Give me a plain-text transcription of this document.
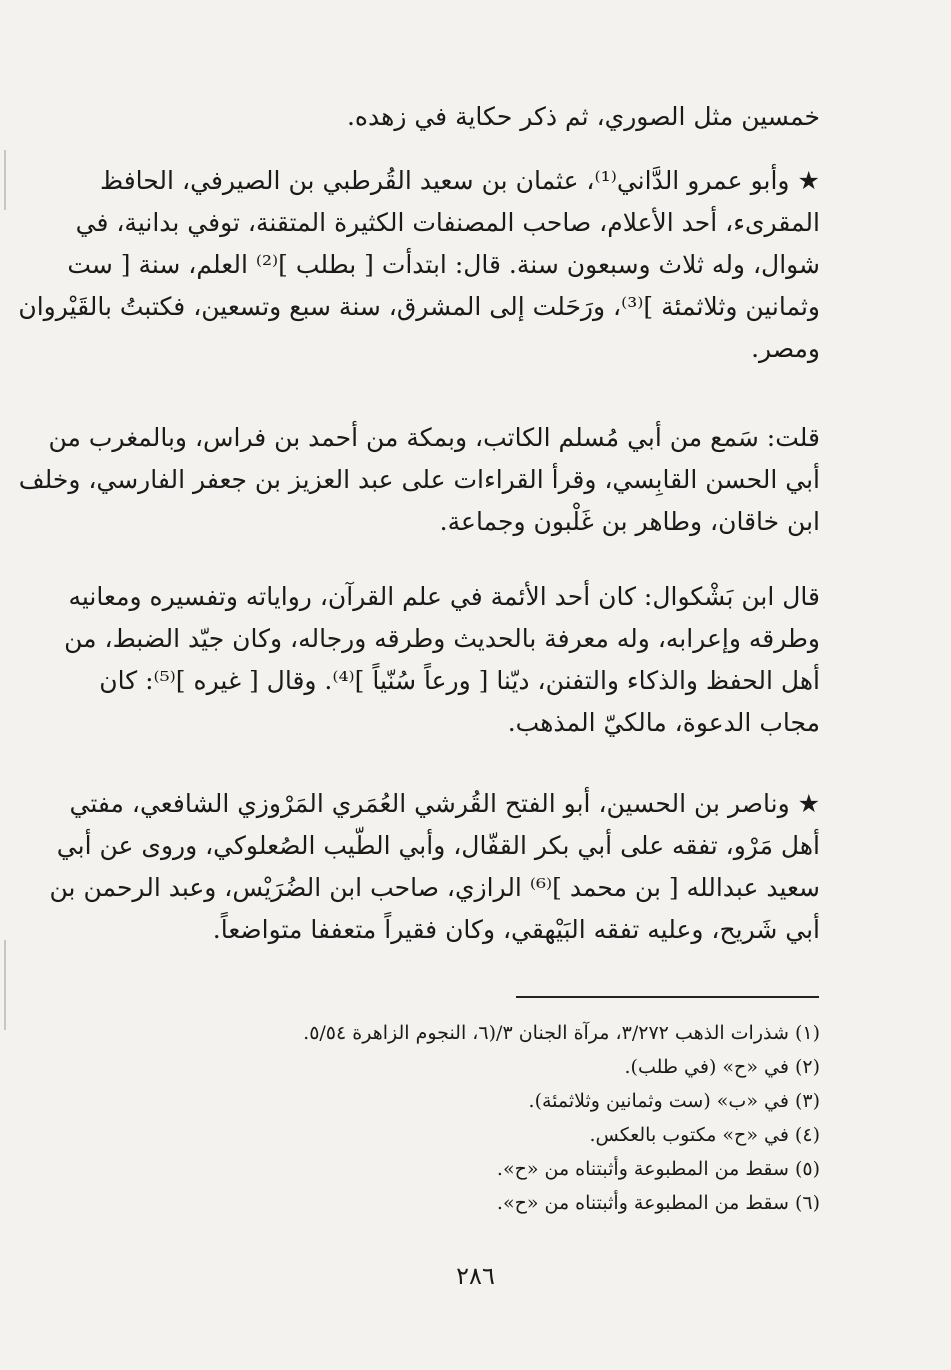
خمسين مثل الصوري، ثم ذكر حكاية في زهده.
★ وأبو عمرو الدَّاني⁽¹⁾، عثمان بن سعيد القُرطبي بن الصيرفي، الحافظ
المقرىء، أحد الأعلام، صاحب المصنفات الكثيرة المتقنة، توفي بدانية، في
شوال، وله ثلاث وسبعون سنة. قال: ابتدأت [ بطلب ]⁽²⁾ العلم، سنة [ ست
وثمانين وثلاثمئة ]⁽³⁾، ورَحَلت إلى المشرق، سنة سبع وتسعين، فكتبتُ بالقَيْروان
ومصر.
قلت: سَمع من أبي مُسلم الكاتب، وبمكة من أحمد بن فراس، وبالمغرب من
أبي الحسن القابِسي، وقرأ القراءات على عبد العزيز بن جعفر الفارسي، وخلف
ابن خاقان، وطاهر بن غَلْبون وجماعة.
قال ابن بَشْكوال: كان أحد الأئمة في علم القرآن، رواياته وتفسيره ومعانيه
وطرقه وإعرابه، وله معرفة بالحديث وطرقه ورجاله، وكان جيّد الضبط، من
أهل الحفظ والذكاء والتفنن، ديّنا [ ورعاً سُنّياً ]⁽⁴⁾. وقال [ غيره ]⁽⁵⁾: كان
مجاب الدعوة، مالكيّ المذهب.
★ وناصر بن الحسين، أبو الفتح القُرشي العُمَري المَرْوزي الشافعي، مفتي
أهل مَرْو، تفقه على أبي بكر القفّال، وأبي الطّيب الصُعلوكي، وروى عن أبي
سعيد عبدالله [ بن محمد ]⁽⁶⁾ الرازي، صاحب ابن الضُرَيْس، وعبد الرحمن بن
أبي شَريح، وعليه تفقه البَيْهقي، وكان فقيراً متعففا متواضعاً.
(١) شذرات الذهب ٣/٢٧٢، مرآة الجنان ٣/(٦، النجوم الزاهرة ٥/٥٤.
(٢) في «ح» (في طلب).
(٣) في «ب» (ست وثمانين وثلاثمئة).
(٤) في «ح» مكتوب بالعكس.
(٥) سقط من المطبوعة وأثبتناه من «ح».
(٦) سقط من المطبوعة وأثبتناه من «ح».
٢٨٦
